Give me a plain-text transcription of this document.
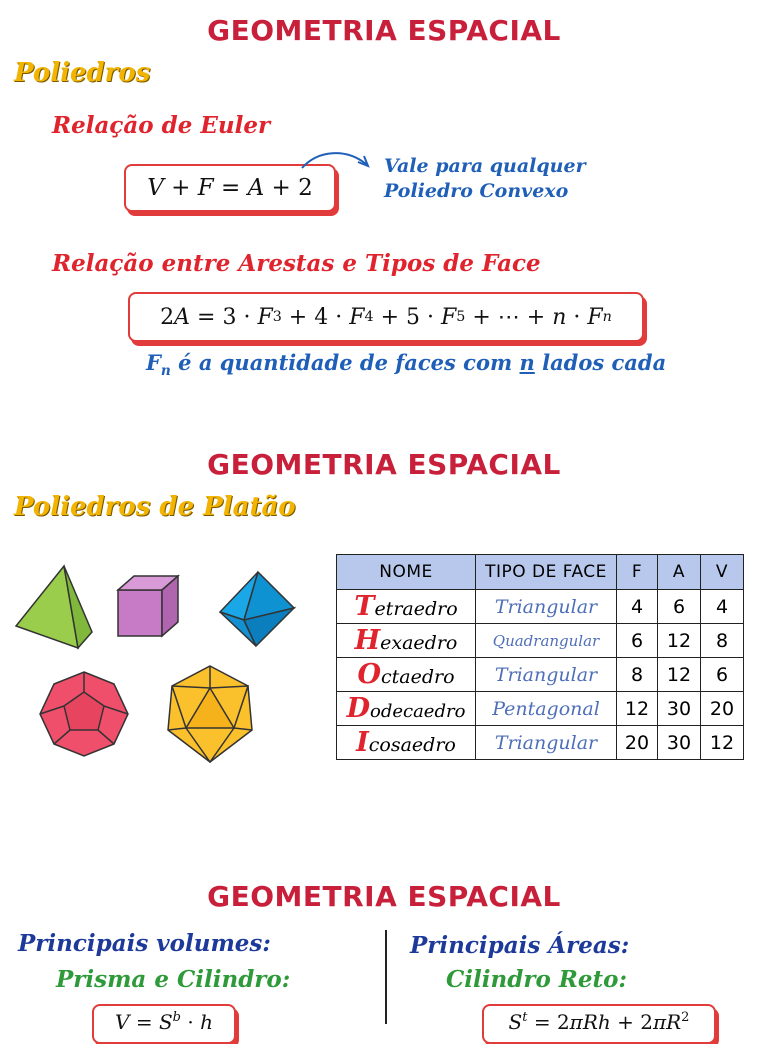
GEOMETRIA ESPACIAL
Poliedros
Relação de Euler
V + F = A + 2
Vale para qualquer
Poliedro Convexo
Relação entre Arestas e Tipos de Face
2 A = 3 · F 3 + 4 · F 4 + 5 · F 5 + ⋯ + n · F n
$F_n$ é a quantidade de faces com n lados cada
GEOMETRIA ESPACIAL
Poliedros de Platão
NOME	TIPO DE FACE	F	A	V
Tetraedro	Triangular	4	6	4
Hexaedro	Quadrangular	6	12	8
Octaedro	Triangular	8	12	6
Dodecaedro	Pentagonal	12	30	20
Icosaedro	Triangular	20	30	12
GEOMETRIA ESPACIAL
Principais volumes:
Prisma e Cilindro:
Principais Áreas:
Cilindro Reto:
$V = S^b \cdot h$	S t = 2 πRh + 2 $\pi R^2$
